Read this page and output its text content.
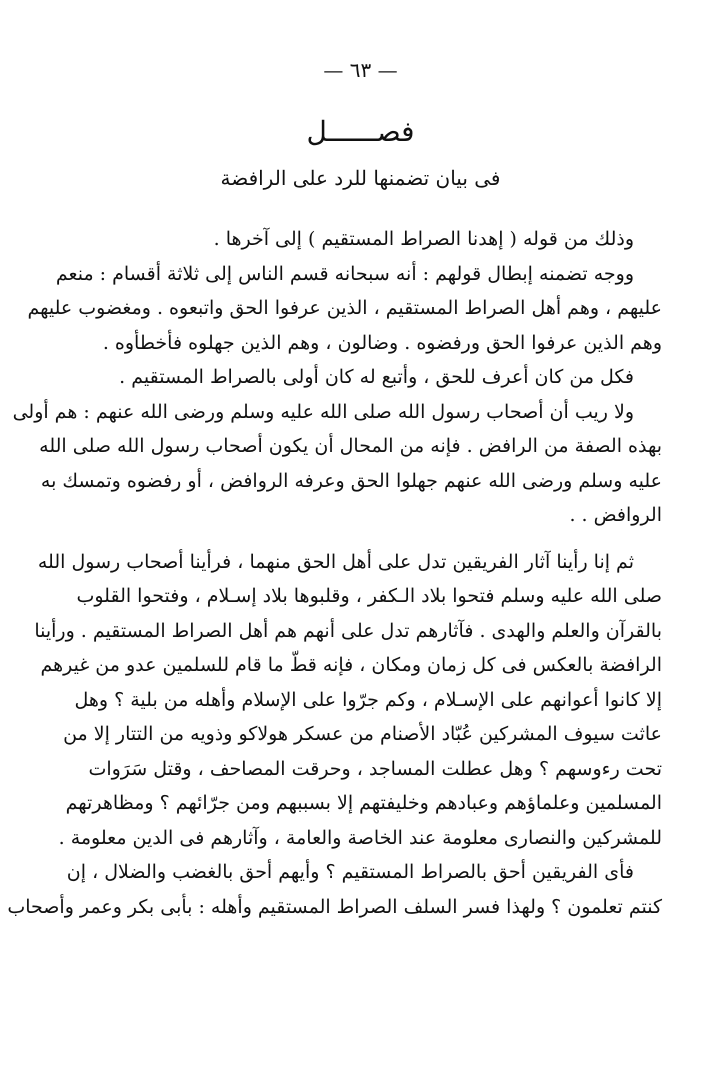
— ٦٣ —
فصــــــل
فى بيان تضمنها للرد على الرافضة
وذلك من قوله ( إهدنا الصراط المستقيم ) إلى آخرها .
ووجه تضمنه إبطال قولهم : أنه سبحانه قسم الناس إلى ثلاثة أقسام : منعم
عليهم ، وهم أهل الصراط المستقيم ، الذين عرفوا الحق واتبعوه . ومغضوب عليهم
وهم الذين عرفوا الحق ورفضوه . وضالون ، وهم الذين جهلوه فأخطأوه .
فكل من كان أعرف للحق ، وأتبع له كان أولى بالصراط المستقيم .
ولا ريب أن أصحاب رسول الله صلى الله عليه وسلم ورضى الله عنهم : هم أولى
بهذه الصفة من الرافض . فإنه من المحال أن يكون أصحاب رسول الله صلى الله
عليه وسلم ورضى الله عنهم جهلوا الحق وعرفه الروافض ، أو رفضوه وتمسك به
الروافض . .
ثم إنا رأينا آثار الفريقين تدل على أهل الحق منهما ، فرأينا أصحاب رسول الله
صلى الله عليه وسلم فتحوا بلاد الـكفر ، وقلبوها بلاد إسـلام ، وفتحوا القلوب
بالقرآن والعلم والهدى . فآثارهم تدل على أنهم هم أهل الصراط المستقيم . ورأينا
الرافضة بالعكس فى كل زمان ومكان ، فإنه قطّ ما قام للسلمين عدو من غيرهم
إلا كانوا أعوانهم على الإسـلام ، وكم جرّوا على الإسلام وأهله من بلية ؟ وهل
عاثت سيوف المشركين عُبّاد الأصنام من عسكر هولاكو وذويه من التتار إلا من
تحت رءوسهم ؟ وهل عطلت المساجد ، وحرقت المصاحف ، وقتل سَرَوات
المسلمين وعلماؤهم وعبادهم وخليفتهم إلا بسببهم ومن جرّائهم ؟ ومظاهرتهم
للمشركين والنصارى معلومة عند الخاصة والعامة ، وآثارهم فى الدين معلومة .
فأى الفريقين أحق بالصراط المستقيم ؟ وأيهم أحق بالغضب والضلال ، إن
كنتم تعلمون ؟ ولهذا فسر السلف الصراط المستقيم وأهله : بأبى بكر وعمر وأصحاب
